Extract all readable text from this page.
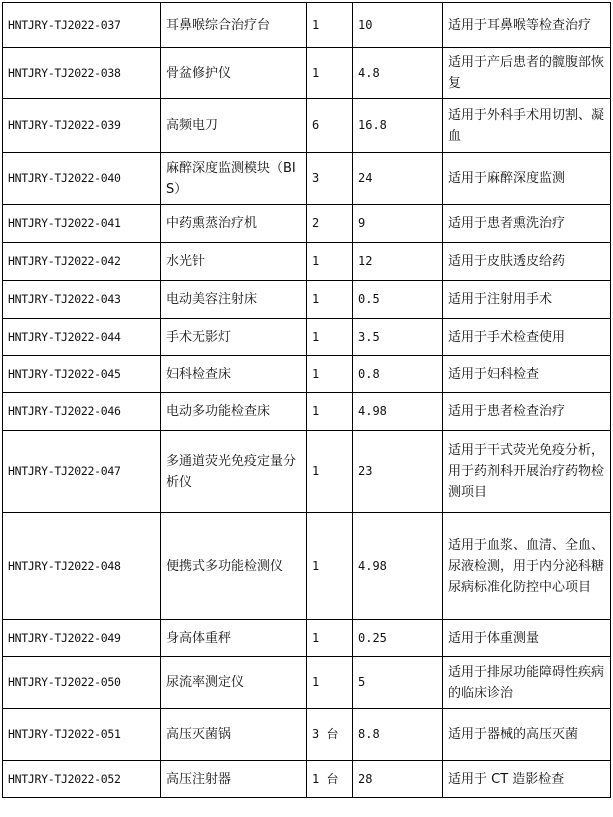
HNTJRY-TJ2022-037	耳鼻喉综合治疗台	1	10	适用于耳鼻喉等检查治疗
HNTJRY-TJ2022-038	骨盆修护仪	1	4.8	适用于产后患者的髋腹部恢复
HNTJRY-TJ2022-039	高频电刀	6	16.8	适用于外科手术用切割、凝血
HNTJRY-TJ2022-040	麻醉深度监测模块（BIS）	3	24	适用于麻醉深度监测
HNTJRY-TJ2022-041	中药熏蒸治疗机	2	9	适用于患者熏洗治疗
HNTJRY-TJ2022-042	水光针	1	12	适用于皮肤透皮给药
HNTJRY-TJ2022-043	电动美容注射床	1	0.5	适用于注射用手术
HNTJRY-TJ2022-044	手术无影灯	1	3.5	适用于手术检查使用
HNTJRY-TJ2022-045	妇科检查床	1	0.8	适用于妇科检查
HNTJRY-TJ2022-046	电动多功能检查床	1	4.98	适用于患者检查治疗
HNTJRY-TJ2022-047	多通道荧光免疫定量分析仪	1	23	适用于干式荧光免疫分析，用于药剂科开展治疗药物检测项目
HNTJRY-TJ2022-048	便携式多功能检测仪	1	4.98	适用于血浆、血清、全血、尿液检测，用于内分泌科糖尿病标准化防控中心项目
HNTJRY-TJ2022-049	身高体重秤	1	0.25	适用于体重测量
HNTJRY-TJ2022-050	尿流率测定仪	1	5	适用于排尿功能障碍性疾病的临床诊治
HNTJRY-TJ2022-051	高压灭菌锅	3 台	8.8	适用于器械的高压灭菌
HNTJRY-TJ2022-052	高压注射器	1 台	28	适用于 CT 造影检查
